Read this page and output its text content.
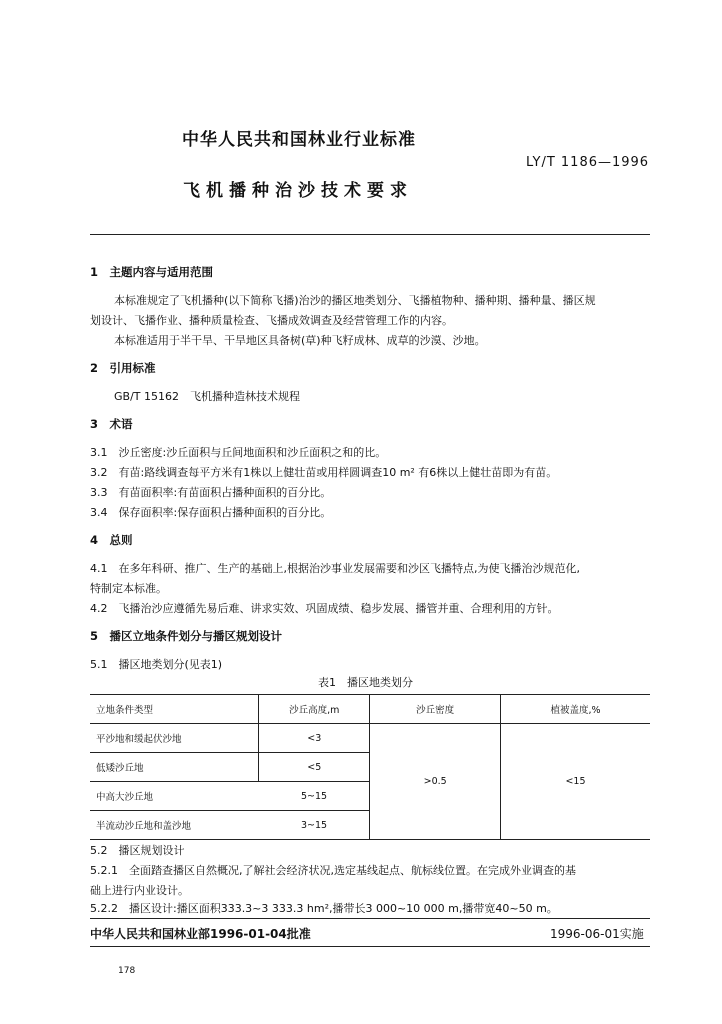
中华人民共和国林业行业标准
LY/T 1186—1996
飞机播种治沙技术要求
1　主题内容与适用范围
本标准规定了飞机播种(以下简称飞播)治沙的播区地类划分、飞播植物种、播种期、播种量、播区规
划设计、飞播作业、播种质量检查、飞播成效调查及经营管理工作的内容。
本标准适用于半干旱、干旱地区具备树(草)种飞籽成林、成草的沙漠、沙地。
2　引用标准
GB/T 15162　飞机播种造林技术规程
3　术语
3.1　沙丘密度:沙丘面积与丘间地面积和沙丘面积之和的比。
3.2　有苗:路线调查每平方米有1株以上健壮苗或用样圆调查10 m² 有6株以上健壮苗即为有苗。
3.3　有苗面积率:有苗面积占播种面积的百分比。
3.4　保存面积率:保存面积占播种面积的百分比。
4　总则
4.1　在多年科研、推广、生产的基础上,根据治沙事业发展需要和沙区飞播特点,为使飞播治沙规范化,
特制定本标准。
4.2　飞播治沙应遵循先易后难、讲求实效、巩固成绩、稳步发展、播管并重、合理利用的方针。
5　播区立地条件划分与播区规划设计
5.1　播区地类划分(见表1)
表1　播区地类划分
立地条件类型	沙丘高度,m	沙丘密度	植被盖度,%
平沙地和缓起伏沙地	<3	>0.5	<15
低矮沙丘地	<5		
中高大沙丘地	5~15		
半流动沙丘地和盖沙地	3~15		
5.2　播区规划设计
5.2.1　全面踏查播区自然概况,了解社会经济状况,选定基线起点、航标线位置。在完成外业调查的基
础上进行内业设计。
5.2.2　播区设计:播区面积333.3~3 333.3 hm²,播带长3 000~10 000 m,播带宽40~50 m。
中华人民共和国林业部1996-01-04批准	1996-06-01实施
178
